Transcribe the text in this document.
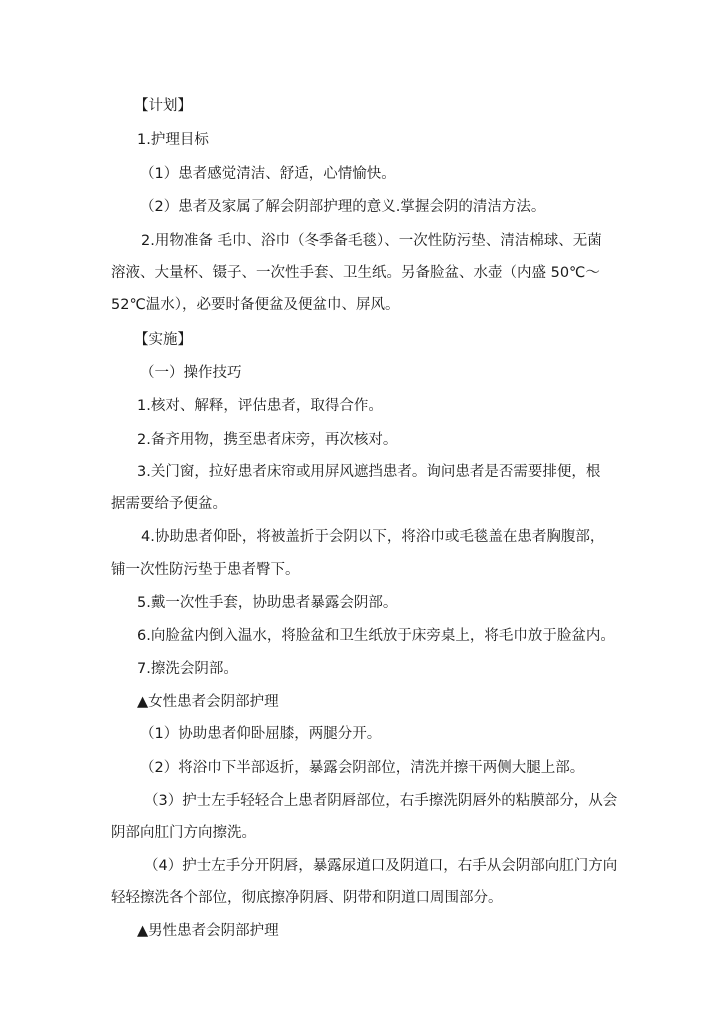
【计划】
1.护理目标
（1）患者感觉清洁、舒适，心情愉快。
（2）患者及家属了解会阴部护理的意义.掌握会阴的清洁方法。
2.用物准备 毛巾、浴巾（冬季备毛毯）、一次性防污垫、清洁棉球、无菌
溶液、大量杯、镊子、一次性手套、卫生纸。另备脸盆、水壶（内盛 50℃～
52℃温水），必要时备便盆及便盆巾、屏风。
【实施】
（一）操作技巧
1.核对、解释，评估患者，取得合作。
2.备齐用物，携至患者床旁，再次核对。
3.关门窗，拉好患者床帘或用屏风遮挡患者。询问患者是否需要排便，根
据需要给予便盆。
4.协助患者仰卧，将被盖折于会阴以下，将浴巾或毛毯盖在患者胸腹部，
铺一次性防污垫于患者臀下。
5.戴一次性手套，协助患者暴露会阴部。
6.向脸盆内倒入温水，将脸盆和卫生纸放于床旁桌上，将毛巾放于脸盆内。
7.擦洗会阴部。
▲女性患者会阴部护理
（1）协助患者仰卧屈膝，两腿分开。
（2）将浴巾下半部返折，暴露会阴部位，清洗并擦干两侧大腿上部。
（3）护士左手轻轻合上患者阴唇部位，右手擦洗阴唇外的粘膜部分，从会
阴部向肛门方向擦洗。
（4）护士左手分开阴唇，暴露尿道口及阴道口，右手从会阴部向肛门方向
轻轻擦洗各个部位，彻底擦净阴唇、阴带和阴道口周围部分。
▲男性患者会阴部护理
